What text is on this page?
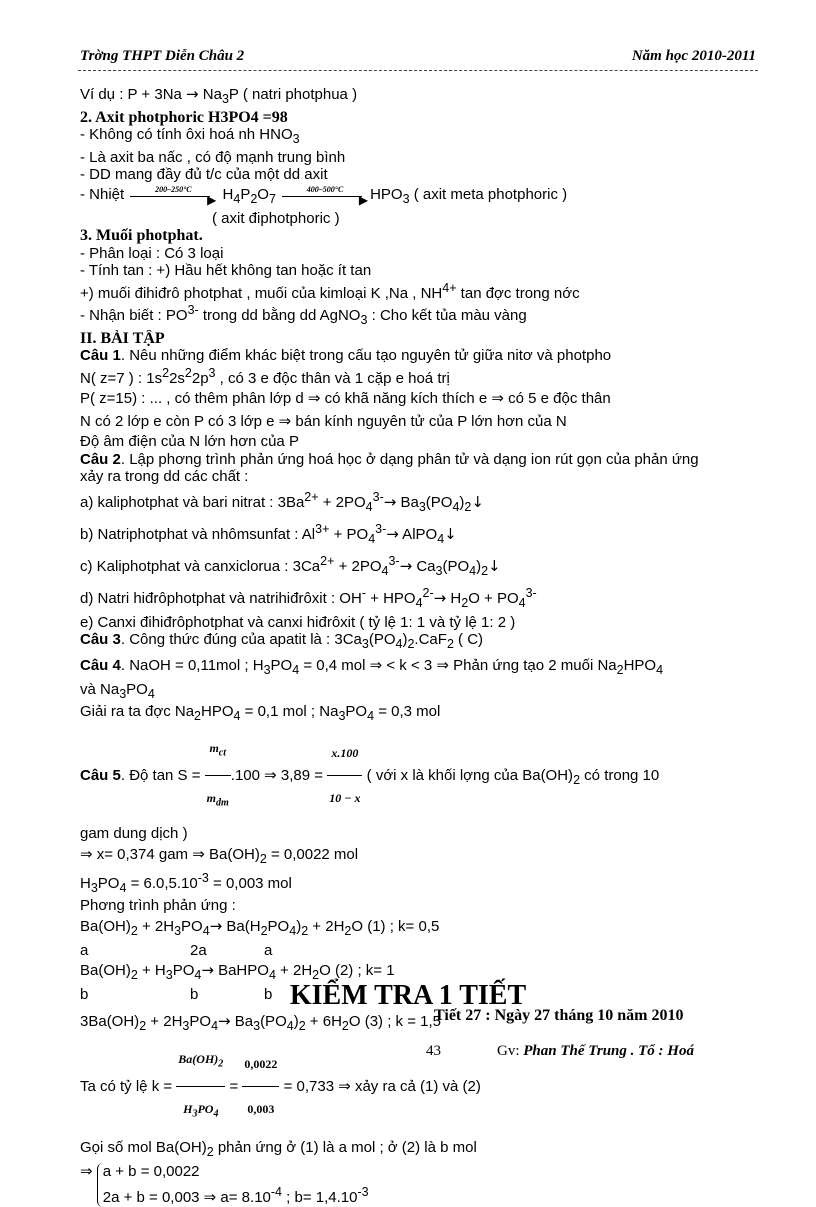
Trờng THPT Diễn Châu 2	Năm học 2010-2011
Ví dụ : $P + 3Na \to Na_3P$ ( natri photphua )
2. Axit photphoric H3PO4 =98
- Không có tính ôxi hoá nh $HNO_3$
- Là axit ba nấc , có độ mạnh trung bình
- DD mang đầy đủ t/c của một dd axit
- Nhiệt	200–250°C
▶ $H_4P_2O_7$
400–500°C
▶ $HPO_3$ ( axit meta photphoric )
( axit điphotphoric )
3. Muối photphat.
- Phân loại : Có 3 loại
- Tính tan : +) Hầu hết không tan hoặc ít tan
+) muối đihiđrô photphat , muối của kimloại K ,Na , $NH^{4+}$ tan đợc trong nớc
- Nhận biết : $PO^{3-}$ trong dd bằng dd AgNO$_3$ : Cho kết tủa màu vàng
II. BÀI TẬP
Câu 1. Nêu những điểm khác biệt trong cấu tạo nguyên tử giữa nitơ và photpho
N( z=7 ) : $1s^22s^22p^3$ , có 3 e độc thân và 1 cặp e hoá trị
P( z=15) : ... , có thêm phân lớp d ⇒ có khã năng kích thích e ⇒ có 5 e độc thân
N có 2 lớp e còn P có 3 lớp e ⇒ bán kính nguyên tử của P lớn hơn của N
Độ âm điện của N lớn hơn của P
Câu 2. Lập phơng trình phản ứng hoá học ở dạng phân tử và dạng ion rút gọn của phản ứng
xảy ra trong dd các chất :
a) kaliphotphat và bari nitrat : $3Ba^{2+} + 2PO_4^{3-}\to$ $Ba_3(PO_4)_2↓$
b) Natriphotphat và nhômsunfat : $Al^{3+} + PO_4^{3-}\to$ AlPO$_4$↓
c) Kaliphotphat và canxiclorua : $3Ca^{2+} + 2PO_4^{3-}\to$ $Ca_3(PO_4)_2↓$
d) Natri hiđrôphotphat và natrihiđrôxit : $OH^- + HPO_4^{2-}\to H_2O + PO_4^{3-}$
e) Canxi đihiđrôphotphat và canxi hiđrôxit ( tỷ lệ 1: 1 và tỷ lệ 1: 2 )
Câu 3. Công thức đúng của apatit là : $3Ca_3(PO_4)_2.CaF_2$ ( C)
Câu 4. NaOH = 0,11mol ; $H_3PO_4 = 0,4$ mol ⇒ < k < 3 ⇒ Phản ứng tạo 2 muối $Na_2HPO_4$
và $Na_3PO_4$
Giải ra ta đợc $Na_2HPO_4 = 0,1$ mol ; $Na_3PO_4 = 0,3$ mol
Câu 5. Độ $\tan S = \frac{m_{ct}}{m_{dm}} .100$ ⇒ $3,89 = \frac{x.100}{10 - x}$ ( với x là khối lợng của $Ba(OH)_2$ có trong 10
gam dung dịch )
⇒ x= 0,374 gam ⇒ $Ba(OH)_2 = 0,0022$ mol
$H_3PO_4 = 6.0,5.10^{-3} = 0,003$ mol
Phơng trình phản ứng :
$Ba(OH)_2 + 2H_3PO_4\to Ba(H_2PO_4)_2 + 2H_2O$ (1) ; k= 0,5
a	2a	a
$Ba(OH)_2 + H_3PO_4\to$ BaHPO$_4$ + $2H_2O$ (2) ; k= 1
b	b	b
$3Ba(OH)_2 + 2H_3PO_4\to Ba_3(PO_4)_2 + 6H_2O$ (3) ; k = 1,5
Ta có tỷ lệ $k = \frac{Ba(OH)_2}{H_3PO_4} = \frac{0,0022}{0,003} = 0,733$ ⇒ xảy ra cả (1) và (2)
Gọi số mol $Ba(OH)_2$ phản ứng ở (1) là a mol ; ở (2) là b mol
⇒ a + b = 0,0022
2a + b = 0,003 ⇒ $a= 8.10^{-4}$ ; $b= 1,4.10^{-3}$
KIỂM TRA 1 TIẾT
Tiết 27 : Ngày 27 tháng 10 năm 2010
43	Gv: Phan Thế Trung . Tổ : Hoá
